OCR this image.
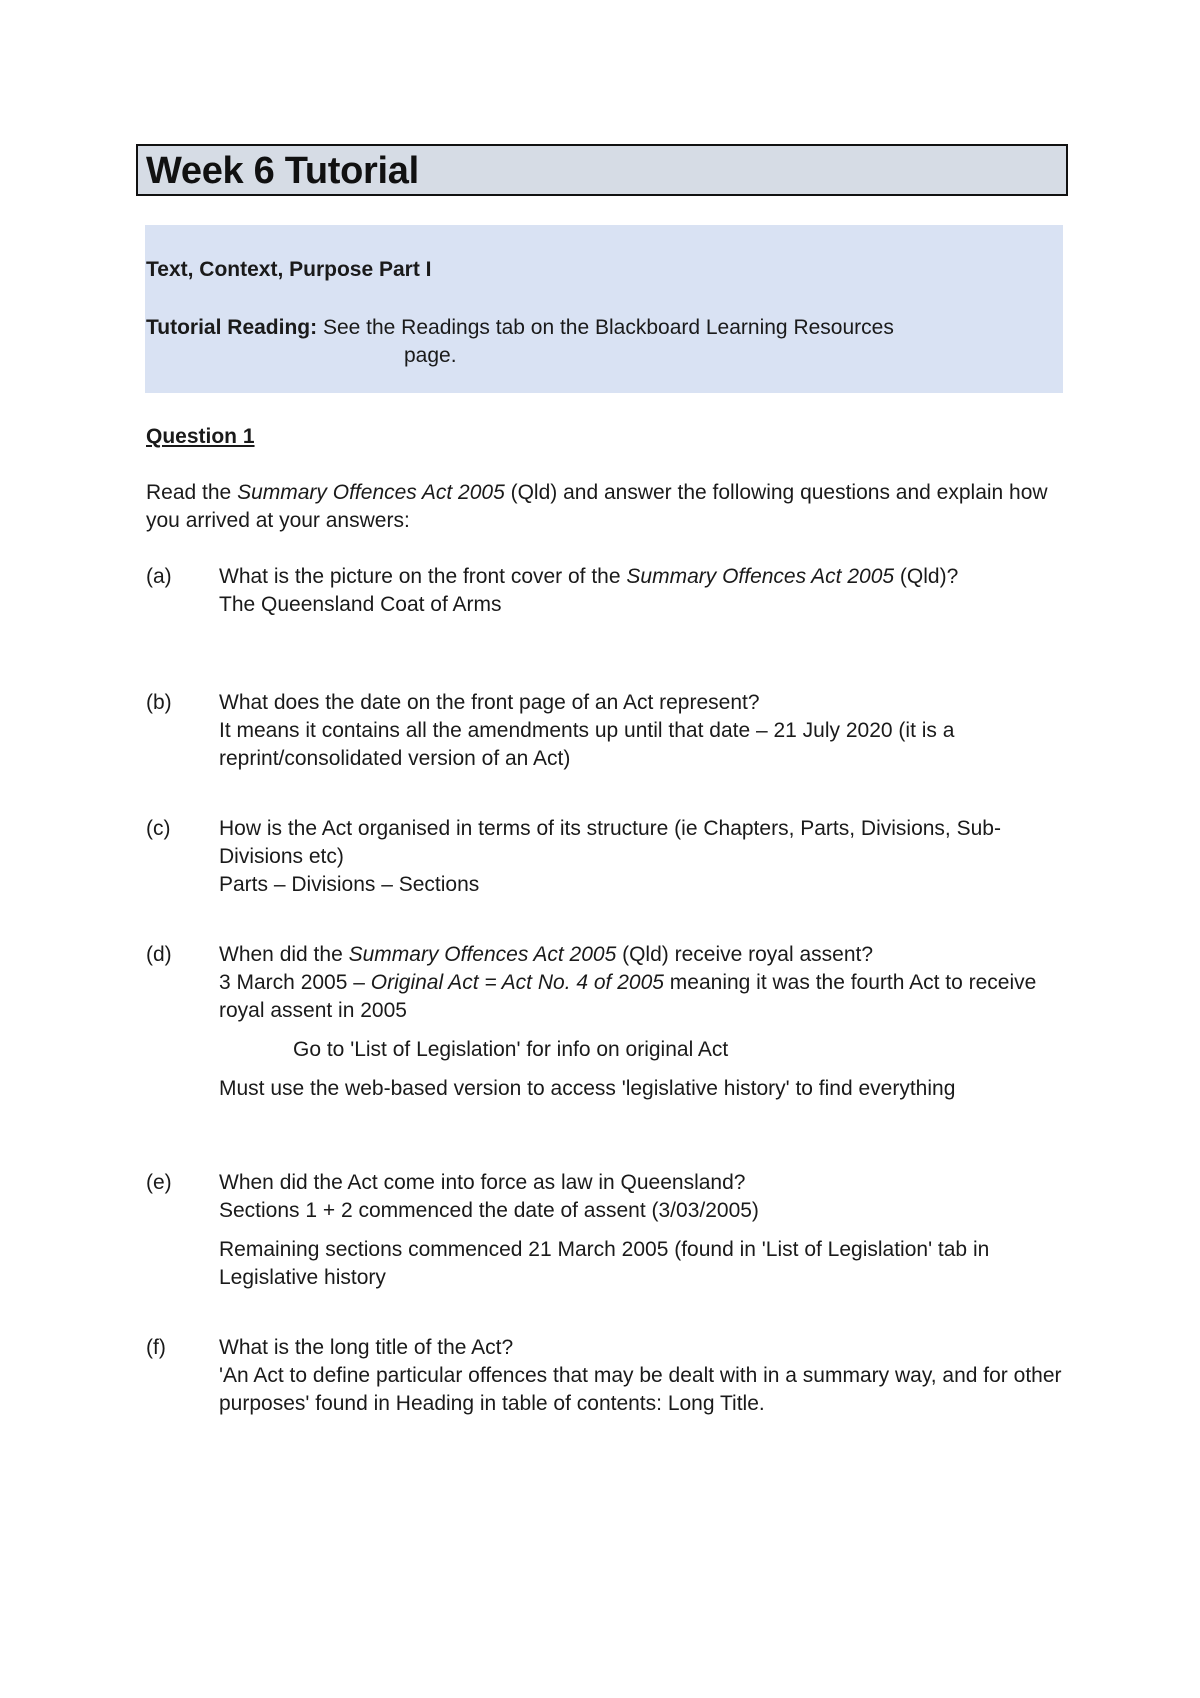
Week 6 Tutorial
Text, Context, Purpose Part I
Tutorial Reading: See the Readings tab on the Blackboard Learning Resources
page.
Question 1
Read the Summary Offences Act 2005 (Qld) and answer the following questions and explain how you arrived at your answers:
(a) What is the picture on the front cover of the Summary Offences Act 2005 (Qld)?

The Queensland Coat of Arms

(b) What does the date on the front page of an Act represent?

It means it contains all the amendments up until that date – 21 July 2020 (it is a reprint/consolidated version of an Act)

(c) How is the Act organised in terms of its structure (ie Chapters, Parts, Divisions, Sub-Divisions etc)

Parts – Divisions – Sections

(d) When did the Summary Offences Act 2005 (Qld) receive royal assent?

3 March 2005 – Original Act = Act No. 4 of 2005 meaning it was the fourth Act to receive royal assent in 2005

Go to 'List of Legislation' for info on original Act

Must use the web-based version to access 'legislative history' to find everything

(e) When did the Act come into force as law in Queensland?

Sections 1 + 2 commenced the date of assent (3/03/2005)

Remaining sections commenced 21 March 2005 (found in 'List of Legislation' tab in Legislative history

(f)	What is the long title of the Act?

'An Act to define particular offences that may be dealt with in a summary way, and for other purposes' found in Heading in table of contents: Long Title.
